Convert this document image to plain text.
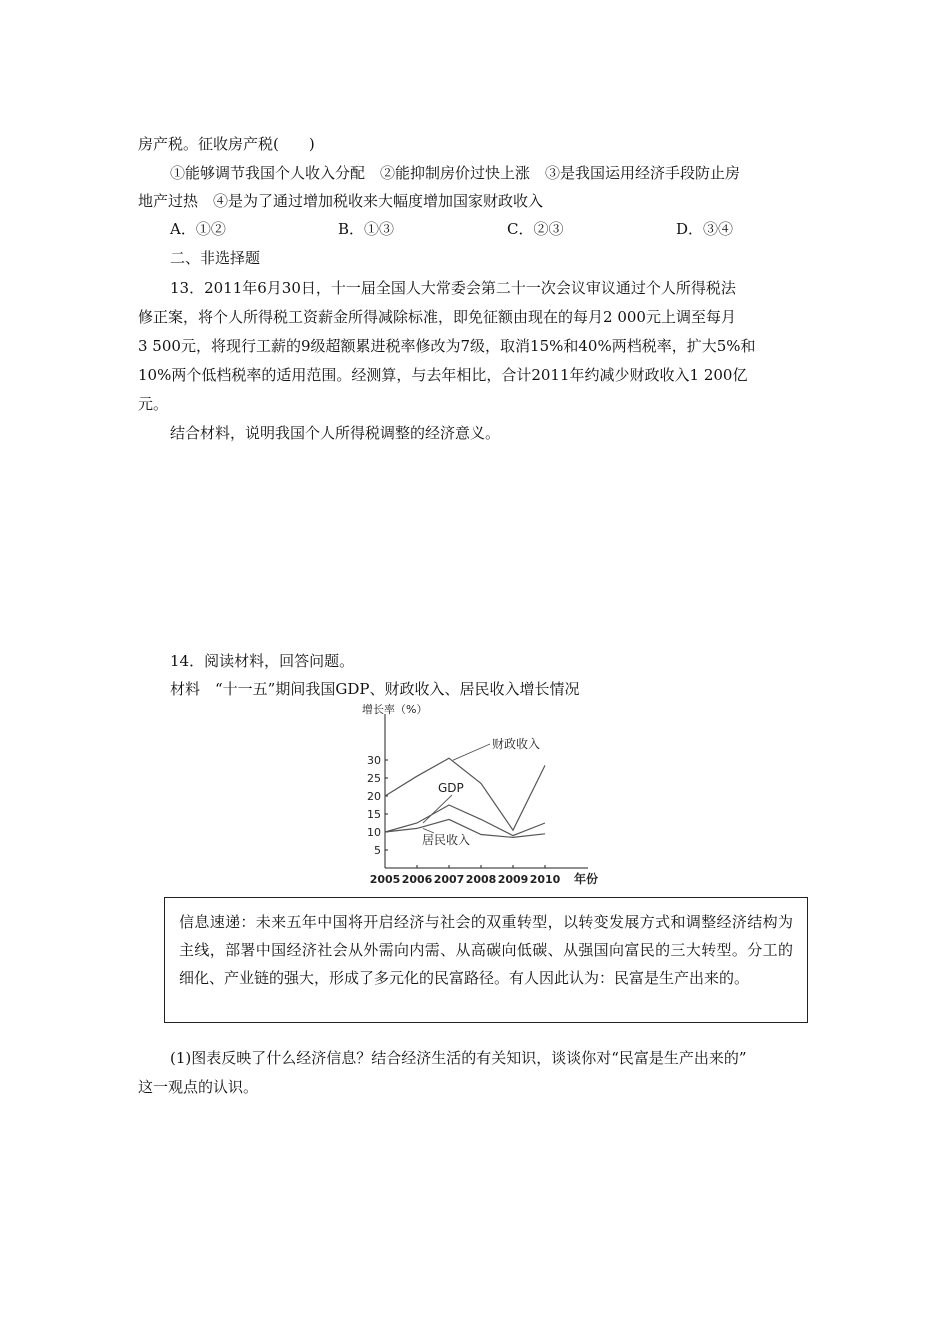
房产税。征收房产税(　　)
①能够调节我国个人收入分配　②能抑制房价过快上涨　③是我国运用经济手段防止房
地产过热　④是为了通过增加税收来大幅度增加国家财政收入
A．①②	B．①③	C．②③	D．③④
二、非选择题
13．2011年6月30日，十一届全国人大常委会第二十一次会议审议通过个人所得税法
修正案，将个人所得税工资薪金所得减除标准，即免征额由现在的每月2 000元上调至每月
3 500元，将现行工薪的9级超额累进税率修改为7级，取消15%和40%两档税率，扩大5%和
10%两个低档税率的适用范围。经测算，与去年相比，合计2011年约减少财政收入1 200亿
元。
结合材料，说明我国个人所得税调整的经济意义。
14．阅读材料，回答问题。
材料　“十一五”期间我国GDP、财政收入、居民收入增长情况
增长率（%）
年份
5
10
15
20
25
30
2005 2006 2007 2008 2009 2010
财政收入
GDP
居民收入
信息速递：未来五年中国将开启经济与社会的双重转型，以转变发展方式和调整经济结构为主线，部署中国经济社会从外需向内需、从高碳向低碳、从强国向富民的三大转型。分工的细化、产业链的强大，形成了多元化的民富路径。有人因此认为：民富是生产出来的。
(1)图表反映了什么经济信息？结合经济生活的有关知识，谈谈你对“民富是生产出来的”
这一观点的认识。
